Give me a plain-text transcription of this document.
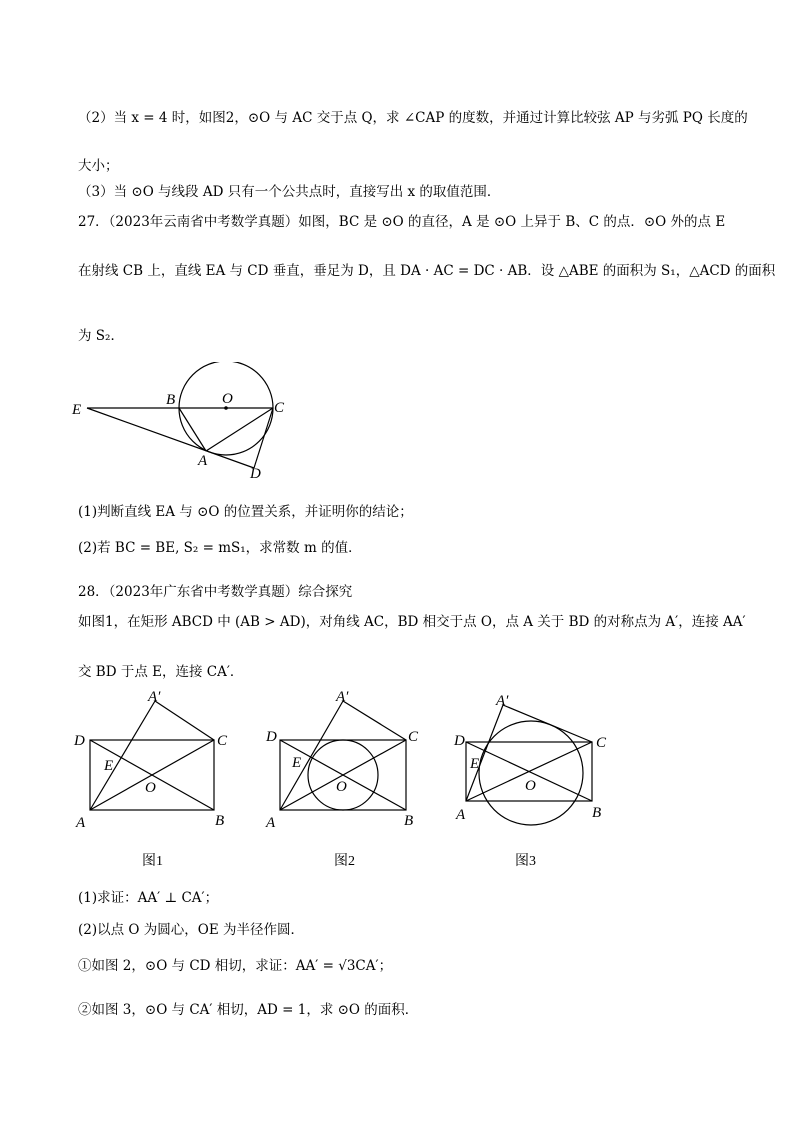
（2）当 x = 4 时，如图2，⊙O 与 AC 交于点 Q，求 ∠CAP 的度数，并通过计算比较弦 AP 与劣弧 PQ 长度的
大小；
（3）当 ⊙O 与线段 AD 只有一个公共点时，直接写出 x 的取值范围．
27．（2023年云南省中考数学真题）如图，BC 是 ⊙O 的直径，A 是 ⊙O 上异于 B、C 的点．⊙O 外的点 E
在射线 CB 上，直线 EA 与 CD 垂直，垂足为 D，且 DA · AC = DC · AB．设 △ABE 的面积为 S₁，△ACD 的面积
为 S₂．
E
B	O
C
A
D
(1)判断直线 EA 与 ⊙O 的位置关系，并证明你的结论；
(2)若 BC = BE, S₂ = mS₁，求常数 m 的值．
28．（2023年广东省中考数学真题）综合探究
如图1，在矩形 ABCD 中 (AB > AD)，对角线 AC，BD 相交于点 O，点 A 关于 BD 的对称点为 A′，连接 AA′
交 BD 于点 E，连接 CA′．
A′
D	C
E
O
A	B
图1
A′
D	C
E
O
A	B
图2
A′
D	C
E
O
A	B
图3
(1)求证：AA′ ⊥ CA′；
(2)以点 O 为圆心，OE 为半径作圆．
①如图 2，⊙O 与 CD 相切，求证：AA′ = √3CA′；
②如图 3，⊙O 与 CA′ 相切，AD = 1，求 ⊙O 的面积．
